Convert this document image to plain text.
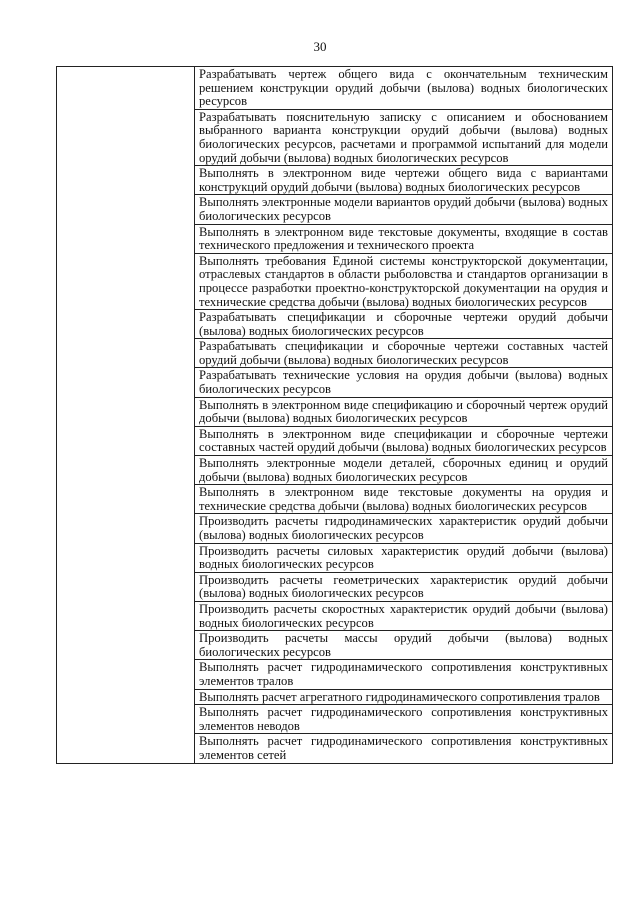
30

Разрабатывать чертеж общего вида с окончательным техническим решением конструкции орудий добычи (вылова) водных биологических ресурсов

Разрабатывать пояснительную записку с описанием и обоснованием выбранного варианта конструкции орудий добычи (вылова) водных биологических ресурсов, расчетами и программой испытаний для модели орудий добычи (вылова) водных биологических ресурсов

Выполнять в электронном виде чертежи общего вида с вариантами конструкций орудий добычи (вылова) водных биологических ресурсов

Выполнять электронные модели вариантов орудий добычи (вылова) водных биологических ресурсов

Выполнять в электронном виде текстовые документы, входящие в состав технического предложения и технического проекта

Выполнять требования Единой системы конструкторской документации, отраслевых стандартов в области рыболовства и стандартов организации в процессе разработки проектно-конструкторской документации на орудия и технические средства добычи (вылова) водных биологических ресурсов

Разрабатывать спецификации и сборочные чертежи орудий добычи (вылова) водных биологических ресурсов

Разрабатывать спецификации и сборочные чертежи составных частей орудий добычи (вылова) водных биологических ресурсов

Разрабатывать технические условия на орудия добычи (вылова) водных биологических ресурсов

Выполнять в электронном виде спецификацию и сборочный чертеж орудий добычи (вылова) водных биологических ресурсов

Выполнять в электронном виде спецификации и сборочные чертежи составных частей орудий добычи (вылова) водных биологических ресурсов

Выполнять электронные модели деталей, сборочных единиц и орудий добычи (вылова) водных биологических ресурсов

Выполнять в электронном виде текстовые документы на орудия и технические средства добычи (вылова) водных биологических ресурсов

Производить расчеты гидродинамических характеристик орудий добычи (вылова) водных биологических ресурсов

Производить расчеты силовых характеристик орудий добычи (вылова) водных биологических ресурсов

Производить расчеты геометрических характеристик орудий добычи (вылова) водных биологических ресурсов

Производить расчеты скоростных характеристик орудий добычи (вылова) водных биологических ресурсов

Производить расчеты массы орудий добычи (вылова) водных биологических ресурсов

Выполнять расчет гидродинамического сопротивления конструктивных элементов тралов

Выполнять расчет агрегатного гидродинамического сопротивления тралов

Выполнять расчет гидродинамического сопротивления конструктивных элементов неводов

Выполнять расчет гидродинамического сопротивления конструктивных элементов сетей
